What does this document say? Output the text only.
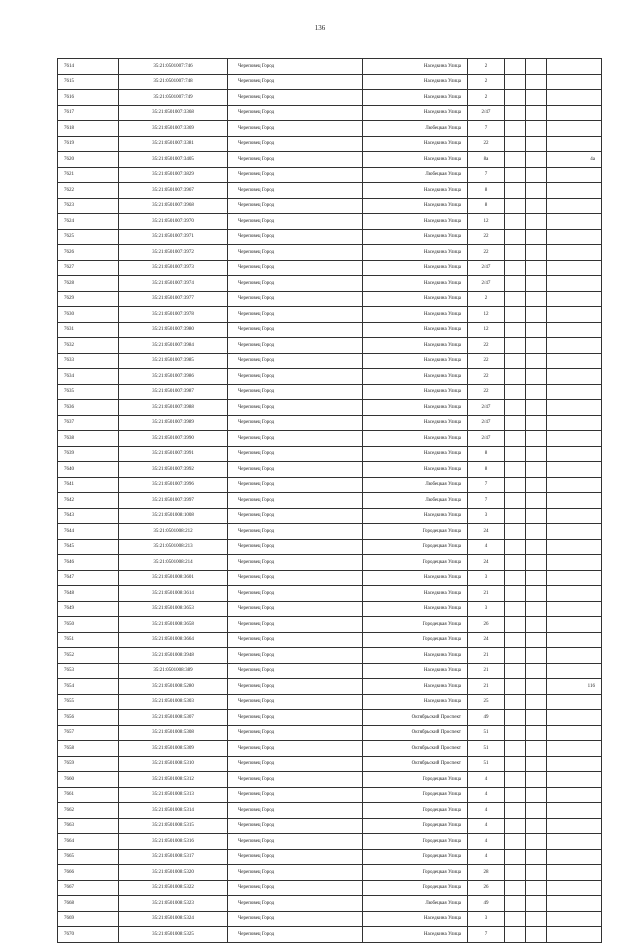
136
7614	35:21:0501007:746	Череповец Город	Наседкина Улица	2			
7615	35:21:0501007:748	Череповец Город	Наседкина Улица	2			
7616	35:21:0501007:749	Череповец Город	Наседкина Улица	2			
7617	35:21:0501007:3368	Череповец Город	Наседкина Улица	2/47			
7618	35:21:0501007:3369	Череповец Город	Любецкая Улица	7			
7619	35:21:0501007:3381	Череповец Город	Наседкина Улица	22			
7620	35:21:0501007:3405	Череповец Город	Наседкина Улица	8a			4a
7621	35:21:0501007:3829	Череповец Город	Любецкая Улица	7			
7622	35:21:0501007:3967	Череповец Город	Наседкина Улица	8			
7623	35:21:0501007:3968	Череповец Город	Наседкина Улица	8			
7624	35:21:0501007:3970	Череповец Город	Наседкина Улица	12			
7625	35:21:0501007:3971	Череповец Город	Наседкина Улица	22			
7626	35:21:0501007:3972	Череповец Город	Наседкина Улица	22			
7627	35:21:0501007:3973	Череповец Город	Наседкина Улица	2/47			
7628	35:21:0501007:3974	Череповец Город	Наседкина Улица	2/47			
7629	35:21:0501007:3977	Череповец Город	Наседкина Улица	2			
7630	35:21:0501007:3978	Череповец Город	Наседкина Улица	12			
7631	35:21:0501007:3980	Череповец Город	Наседкина Улица	12			
7632	35:21:0501007:3984	Череповец Город	Наседкина Улица	22			
7633	35:21:0501007:3985	Череповец Город	Наседкина Улица	22			
7634	35:21:0501007:3986	Череповец Город	Наседкина Улица	22			
7635	35:21:0501007:3987	Череповец Город	Наседкина Улица	22			
7636	35:21:0501007:3988	Череповец Город	Наседкина Улица	2/47			
7637	35:21:0501007:3989	Череповец Город	Наседкина Улица	2/47			
7638	35:21:0501007:3990	Череповец Город	Наседкина Улица	2/47			
7639	35:21:0501007:3991	Череповец Город	Наседкина Улица	8			
7640	35:21:0501007:3992	Череповец Город	Наседкина Улица	8			
7641	35:21:0501007:3996	Череповец Город	Любецкая Улица	7			
7642	35:21:0501007:3997	Череповец Город	Любецкая Улица	7			
7643	35:21:0501008:1008	Череповец Город	Наседкина Улица	3			
7644	35:21:0501008:212	Череповец Город	Городецкая Улица	24			
7645	35:21:0501008:213	Череповец Город	Городецкая Улица	4			
7646	35:21:0501008:214	Череповец Город	Городецкая Улица	24			
7647	35:21:0501008:3601	Череповец Город	Наседкина Улица	3			
7648	35:21:0501008:3614	Череповец Город	Наседкина Улица	21			
7649	35:21:0501008:3653	Череповец Город	Наседкина Улица	3			
7650	35:21:0501008:3658	Череповец Город	Городецкая Улица	26			
7651	35:21:0501008:3664	Череповец Город	Городецкая Улица	24			
7652	35:21:0501008:3948	Череповец Город	Наседкина Улица	21			
7653	35:21:0501008:389	Череповец Город	Наседкина Улица	21			
7654	35:21:0501008:5280	Череповец Город	Наседкина Улица	21			116
7655	35:21:0501008:5303	Череповец Город	Наседкина Улица	25			
7656	35:21:0501008:5307	Череповец Город	Октябрьский Проспект	49			
7657	35:21:0501008:5308	Череповец Город	Октябрьский Проспект	51			
7658	35:21:0501008:5309	Череповец Город	Октябрьский Проспект	51			
7659	35:21:0501008:5310	Череповец Город	Октябрьский Проспект	51			
7660	35:21:0501008:5312	Череповец Город	Городецкая Улица	4			
7661	35:21:0501008:5313	Череповец Город	Городецкая Улица	4			
7662	35:21:0501008:5314	Череповец Город	Городецкая Улица	4			
7663	35:21:0501008:5315	Череповец Город	Городецкая Улица	4			
7664	35:21:0501008:5316	Череповец Город	Городецкая Улица	4			
7665	35:21:0501008:5317	Череповец Город	Городецкая Улица	4			
7666	35:21:0501008:5320	Череповец Город	Городецкая Улица	28			
7667	35:21:0501008:5322	Череповец Город	Городецкая Улица	26			
7668	35:21:0501008:5323	Череповец Город	Любецкая Улица	49			
7669	35:21:0501008:5324	Череповец Город	Наседкина Улица	3			
7670	35:21:0501008:5325	Череповец Город	Наседкина Улица	7			
